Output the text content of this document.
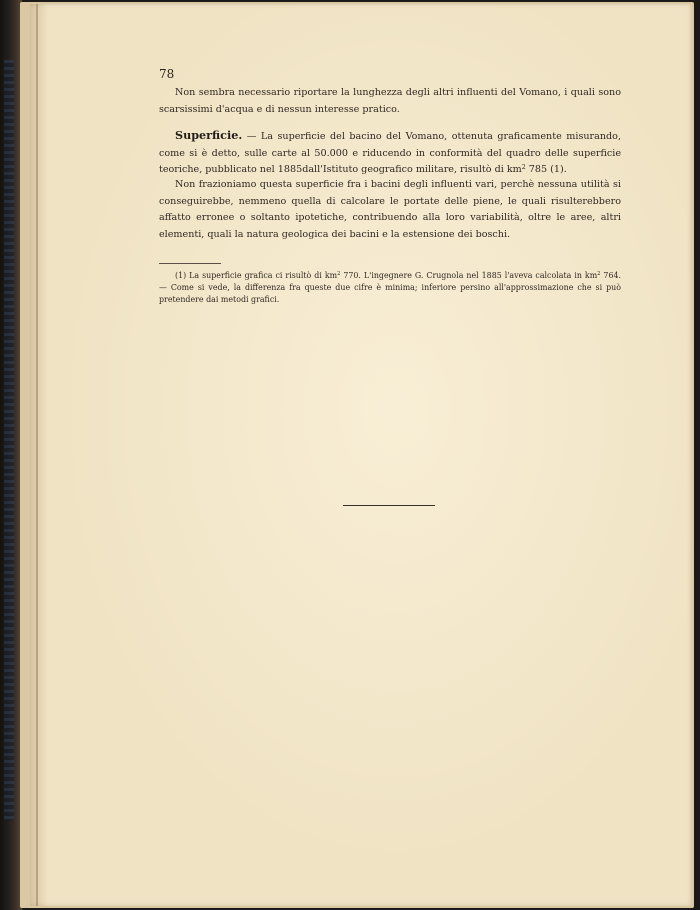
78

Non sembra necessario riportare la lunghezza degli altri influenti del Vomano, i quali sono scarsissimi d'acqua e di nessun interesse pratico.

Superficie. — La superficie del bacino del Vomano, ottenuta graficamente misurando, come si è detto, sulle carte al 50.000 e riducendo in conformità del quadro delle superficie teoriche, pubblicato nel 1885dall'Istituto geografico militare, risultò di $km^2$ 785 (1).

Non frazioniamo questa superficie fra i bacini degli influenti vari, perchè nessuna utilità si conseguirebbe, nemmeno quella di calcolare le portate delle piene, le quali risulterebbero affatto erronee o soltanto ipotetiche, contribuendo alla loro variabilità, oltre le aree, altri elementi, quali la natura geologica dei bacini e la estensione dei boschi.

(1) La superficie grafica ci risultò di $km^2$ 770. L'ingegnere G. Crugnola nel 1885 l'aveva calcolata in $km^2$ 764. — Come si vede, la differenza fra queste due cifre è minima; inferiore persino all'approssimazione che si può pretendere dai metodi grafici.
